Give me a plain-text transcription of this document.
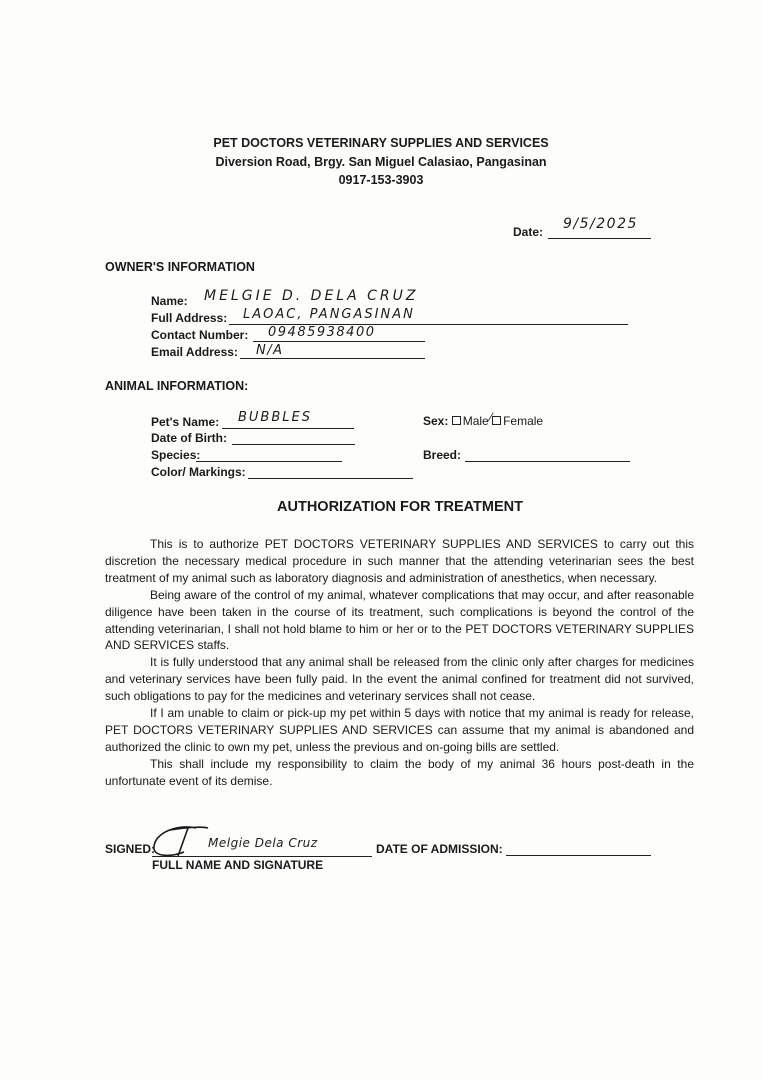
PET DOCTORS VETERINARY SUPPLIES AND SERVICES
Diversion Road, Brgy. San Miguel Calasiao, Pangasinan
0917-153-3903
Date: 9/5/2025
OWNER'S INFORMATION
Name: MELGIE D. DELA CRUZ
Full Address: LAOAC, PANGASINAN
Contact Number: 09485938400
Email Address: N/A
ANIMAL INFORMATION:
Pet's Name: BUBBLES
Date of Birth:
Species:
Color/ Markings:
Sex: Male ⁄ Female
Breed:
AUTHORIZATION FOR TREATMENT

This is to authorize PET DOCTORS VETERINARY SUPPLIES AND SERVICES to carry out this discretion the necessary medical procedure in such manner that the attending veterinarian sees the best treatment of my animal such as laboratory diagnosis and administration of anesthetics, when necessary.

Being aware of the control of my animal, whatever complications that may occur, and after reasonable diligence have been taken in the course of its treatment, such complications is beyond the control of the attending veterinarian, I shall not hold blame to him or her or to the PET DOCTORS VETERINARY SUPPLIES AND SERVICES staffs.

It is fully understood that any animal shall be released from the clinic only after charges for medicines and veterinary services have been fully paid. In the event the animal confined for treatment did not survived, such obligations to pay for the medicines and veterinary services shall not cease.

If I am unable to claim or pick-up my pet within 5 days with notice that my animal is ready for release, PET DOCTORS VETERINARY SUPPLIES AND SERVICES can assume that my animal is abandoned and authorized the clinic to own my pet, unless the previous and on-going bills are settled.

This shall include my responsibility to claim the body of my animal 36 hours post-death in the unfortunate event of its demise.

SIGNED:	Melgie Dela Cruz
FULL NAME AND SIGNATURE
DATE OF ADMISSION:
